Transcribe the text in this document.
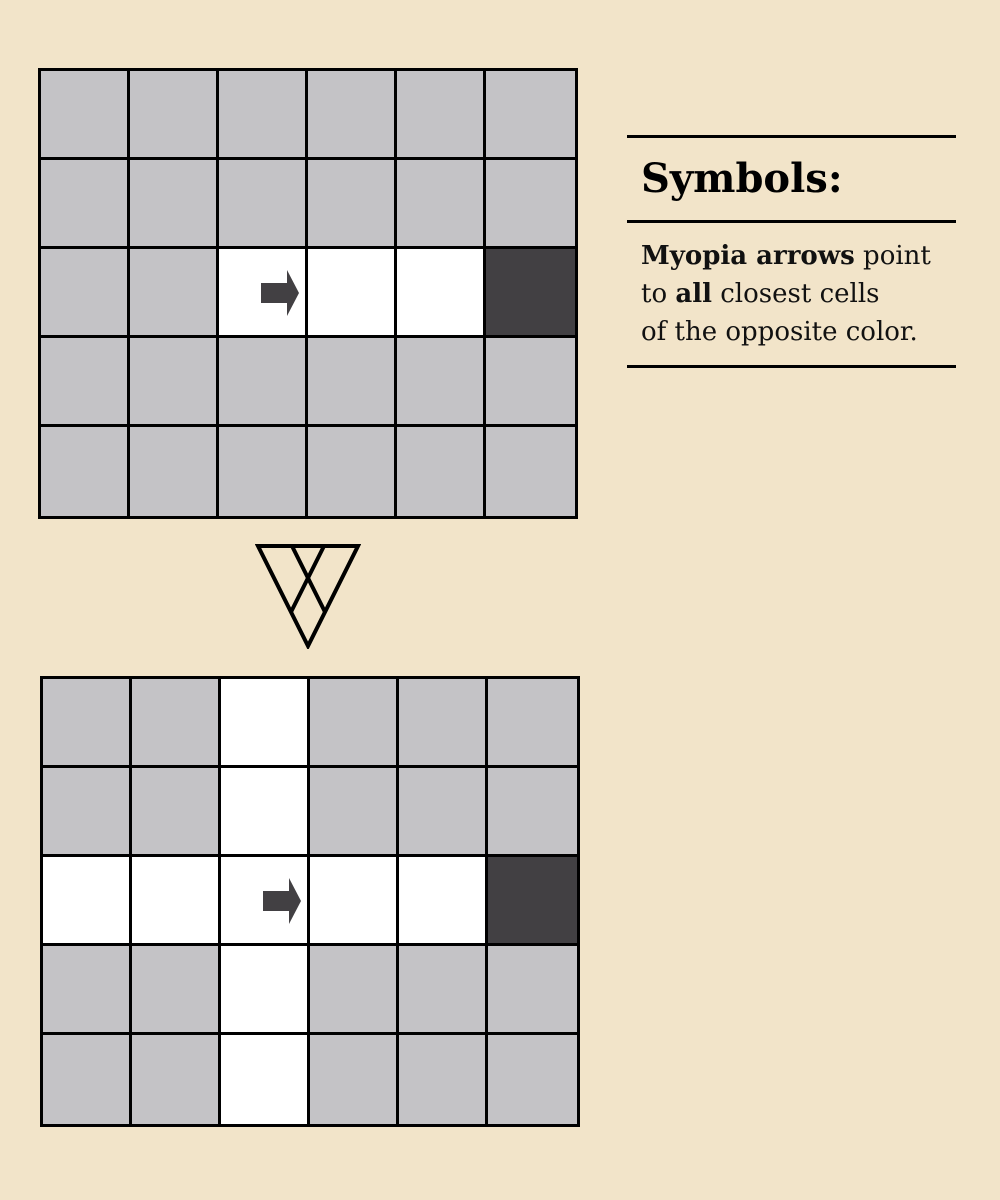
Symbols:

Myopia arrows point
to all closest cells
of the opposite color.
